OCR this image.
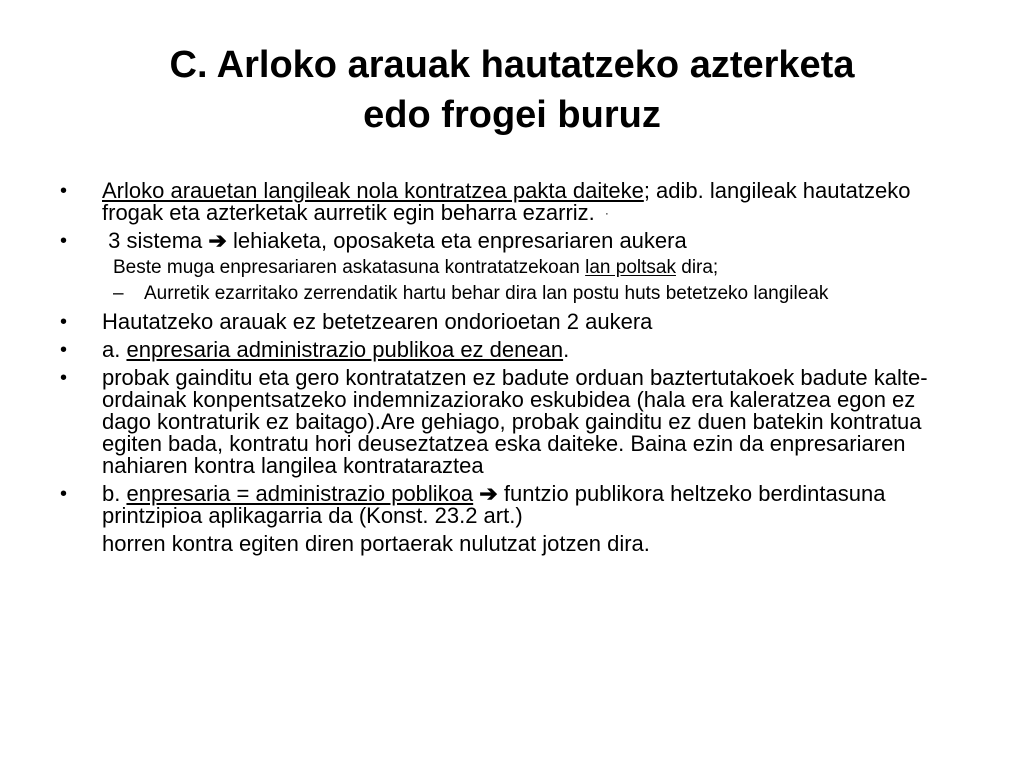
C. Arloko arauak hautatzeko azterketa
edo frogei buruz
•	Arloko arauetan langileak nola kontratzea pakta daiteke; adib. langileak hautatzeko frogak eta azterketak aurretik egin beharra ezarriz. ·
•	3 sistema ➔ lehiaketa, oposaketa eta enpresariaren aukera
Beste muga enpresariaren askatasuna kontratatzekoan lan poltsak dira;
– Aurretik ezarritako zerrendatik hartu behar dira lan postu huts betetzeko langileak
•	Hautatzeko arauak ez betetzearen ondorioetan 2 aukera
•	a. enpresaria administrazio publikoa ez denean.
•	probak gainditu eta gero kontratatzen ez badute orduan baztertutakoek badute kalte-ordainak konpentsatzeko indemnizaziorako eskubidea (hala era kaleratzea egon ez dago kontraturik ez baitago).Are gehiago, probak gainditu ez duen batekin kontratua egiten bada, kontratu hori deuseztatzea eska daiteke. Baina ezin da enpresariaren nahiaren kontra langilea kontrataraztea
•	b. enpresaria = administrazio poblikoa ➔ funtzio publikora heltzeko berdintasuna printzipioa aplikagarria da (Konst. 23.2 art.)
horren kontra egiten diren portaerak nulutzat jotzen dira.
